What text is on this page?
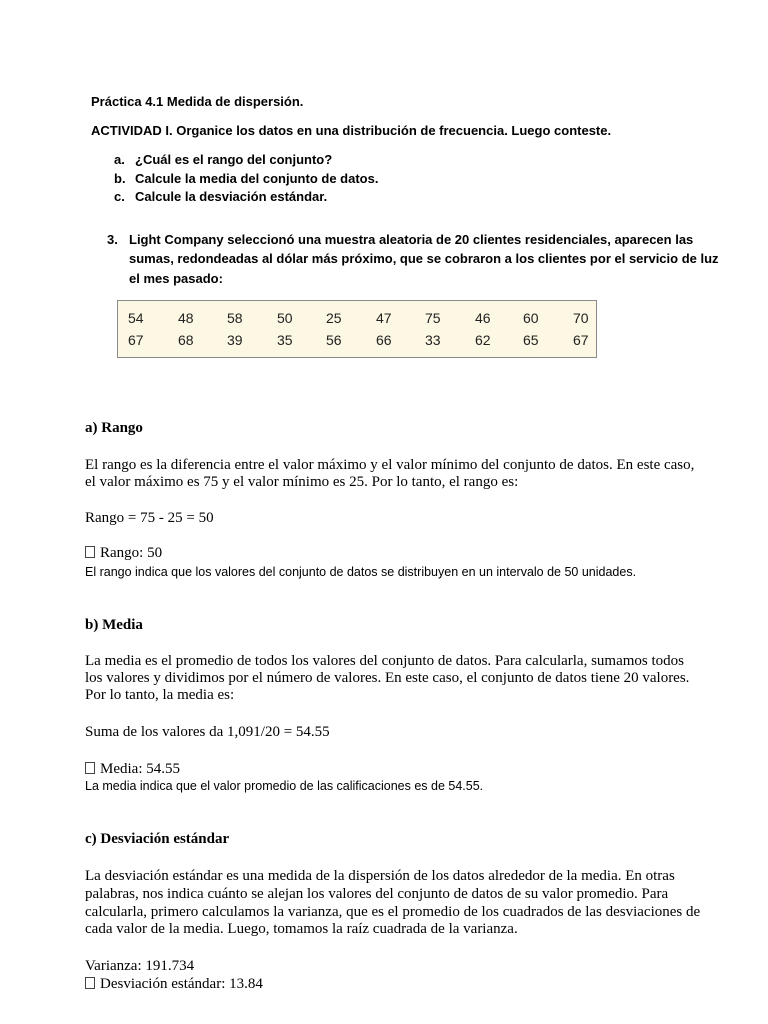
Práctica 4.1 Medida de dispersión.
ACTIVIDAD I. Organice los datos en una distribución de frecuencia. Luego conteste.
a. ¿Cuál es el rango del conjunto?
b. Calcule la media del conjunto de datos.
c. Calcule la desviación estándar.
3. Light Company seleccionó una muestra aleatoria de 20 clientes residenciales, aparecen las
sumas, redondeadas al dólar más próximo, que se cobraron a los clientes por el servicio de luz
el mes pasado:
54	48	58	50	25	47	75	46	60	70
67	68	39	35	56	66	33	62	65	67
a) Rango
El rango es la diferencia entre el valor máximo y el valor mínimo del conjunto de datos. En este caso,
el valor máximo es 75 y el valor mínimo es 25. Por lo tanto, el rango es:
Rango = 75 - 25 = 50
Rango: 50
El rango indica que los valores del conjunto de datos se distribuyen en un intervalo de 50 unidades.
b) Media
La media es el promedio de todos los valores del conjunto de datos. Para calcularla, sumamos todos
los valores y dividimos por el número de valores. En este caso, el conjunto de datos tiene 20 valores.
Por lo tanto, la media es:
Suma de los valores da 1,091/20 = 54.55
Media: 54.55
La media indica que el valor promedio de las calificaciones es de 54.55.
c) Desviación estándar
La desviación estándar es una medida de la dispersión de los datos alrededor de la media. En otras
palabras, nos indica cuánto se alejan los valores del conjunto de datos de su valor promedio. Para
calcularla, primero calculamos la varianza, que es el promedio de los cuadrados de las desviaciones de
cada valor de la media. Luego, tomamos la raíz cuadrada de la varianza.
Varianza: 191.734
Desviación estándar: 13.84
